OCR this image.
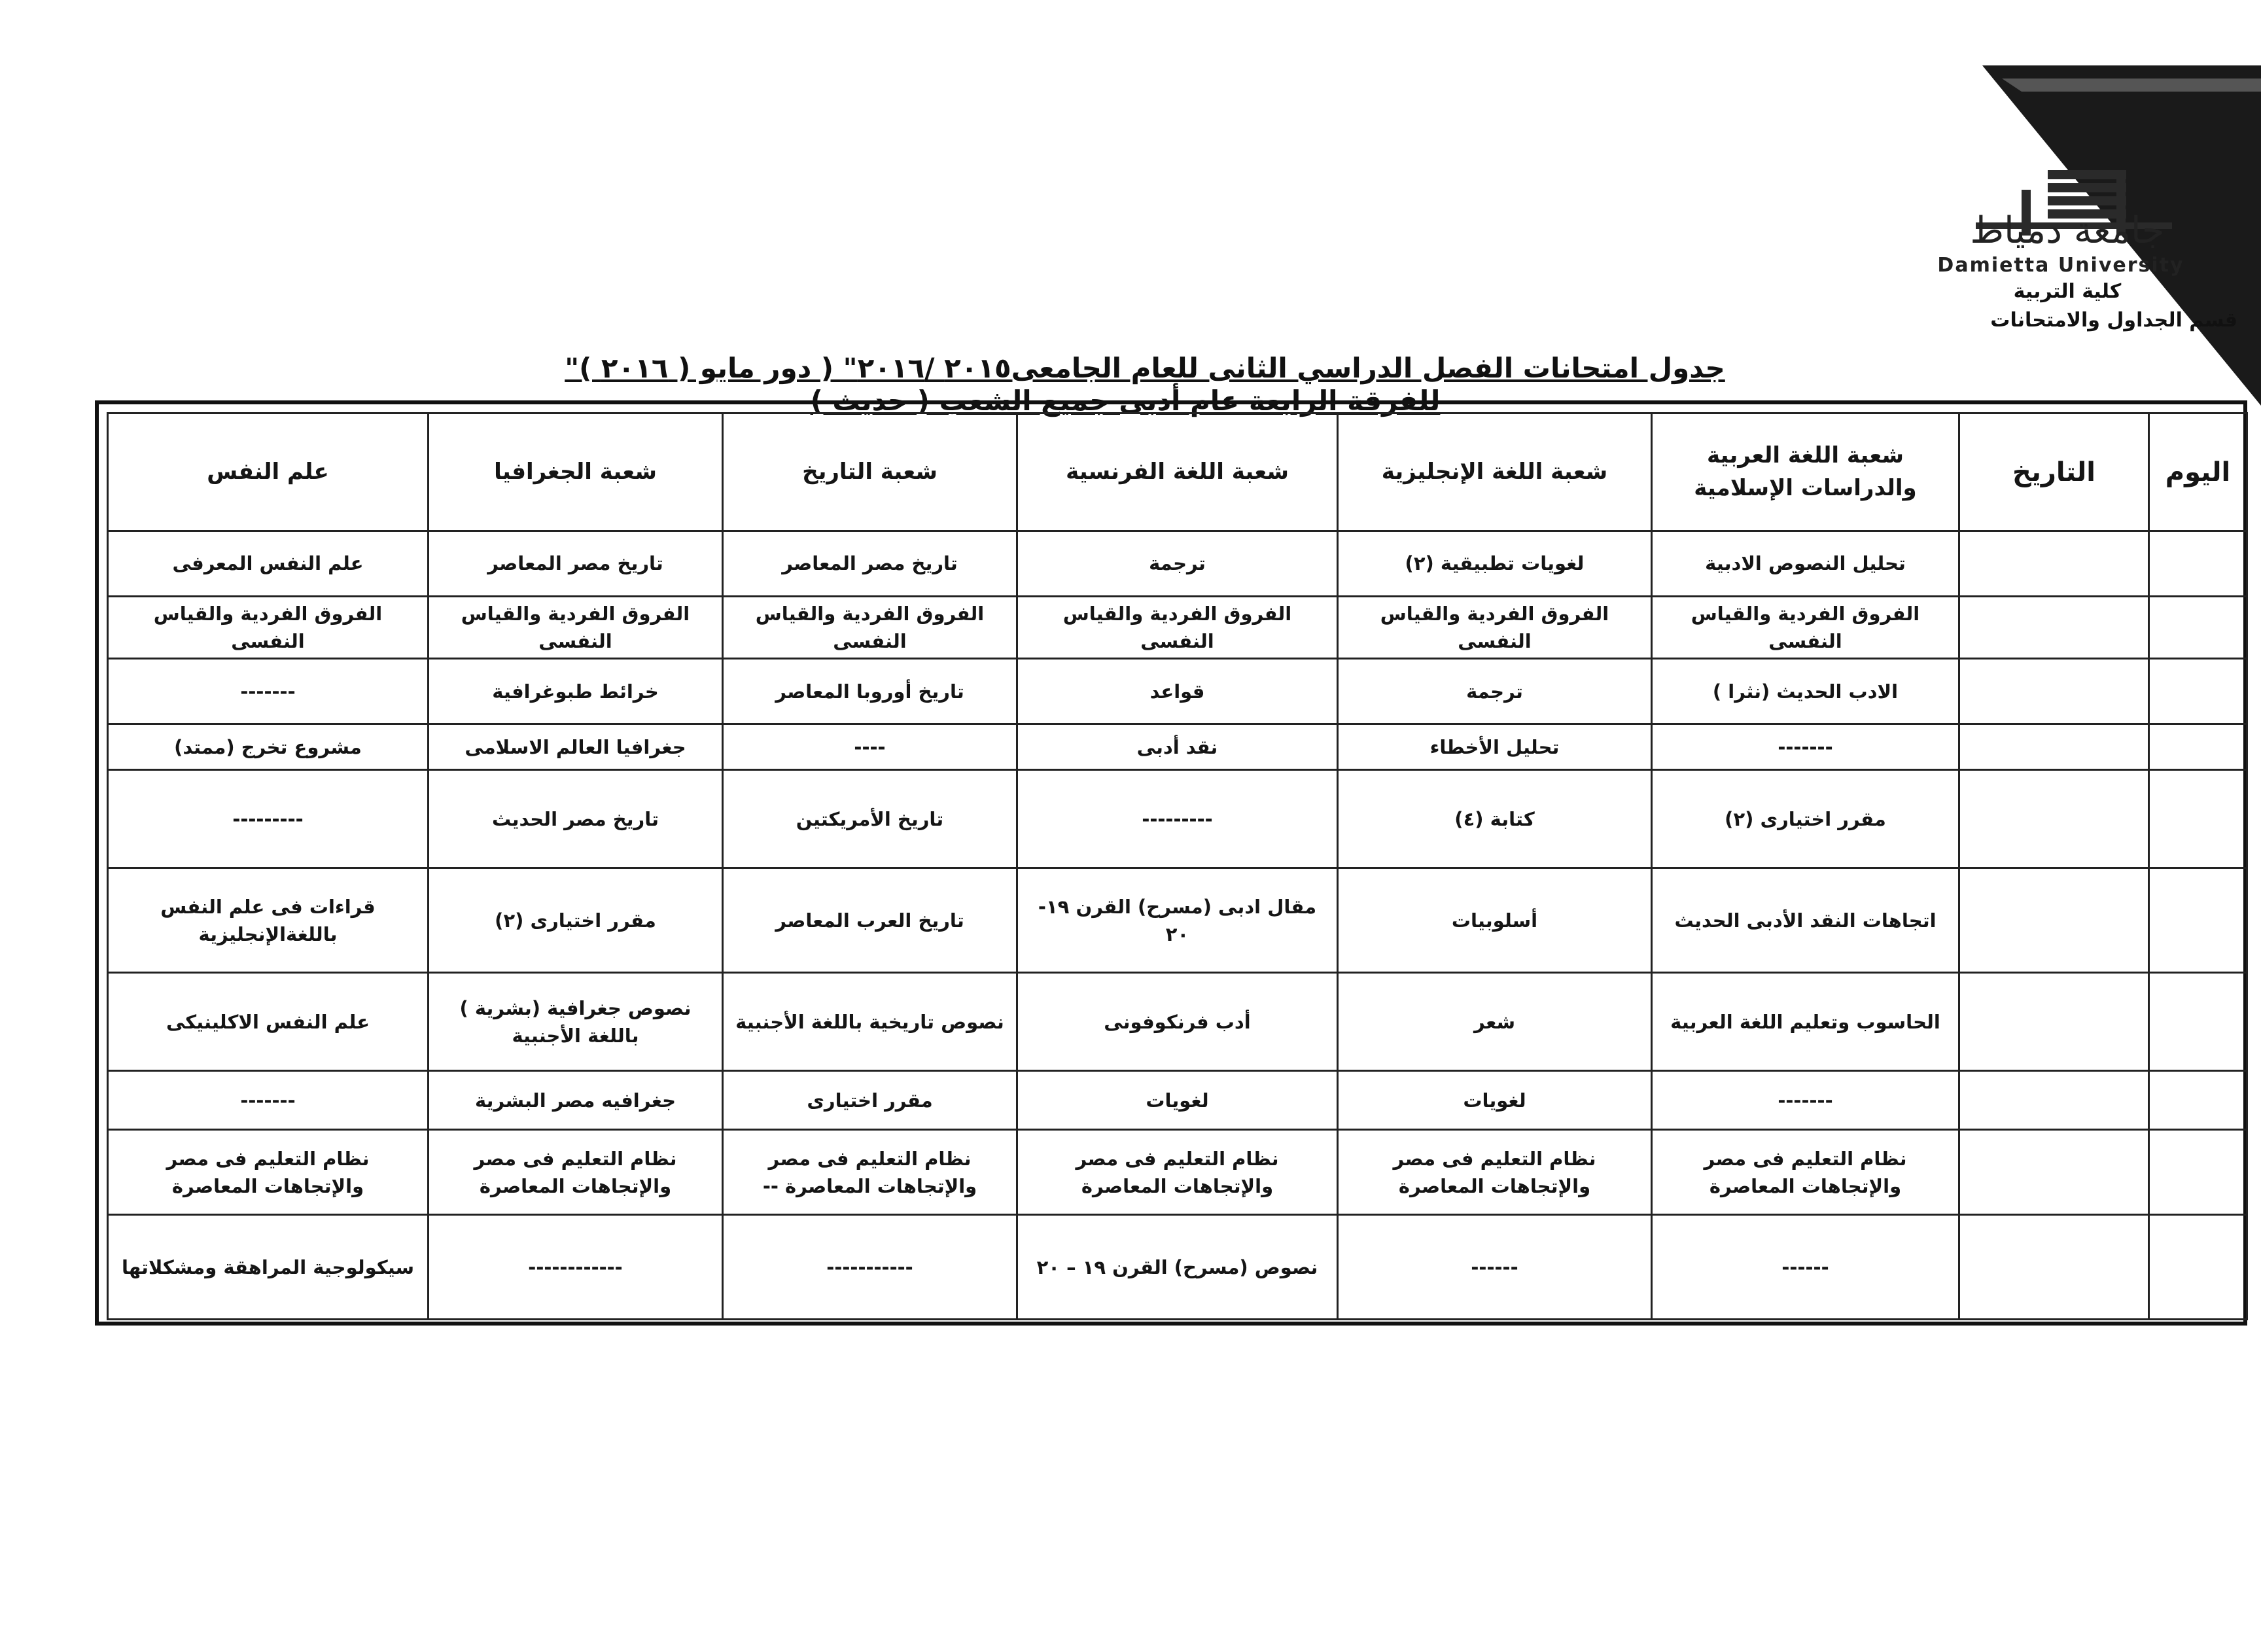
جامعة دمياط
Damietta University
كلية التربية
قسم الجداول والامتحانات
جدول امتحانات الفصل الدراسي الثانى للعام الجامعى٢٠١٥ /٢٠١٦" ( دور مايو ( ٢٠١٦ )"
للفرقة الرابعة عام أدبى جميع الشعب ( حديث )
اليوم	التاريخ	شعبة اللغة العربية والدراسات الإسلامية	شعبة اللغة الإنجليزية	شعبة اللغة الفرنسية	شعبة التاريخ	شعبة الجغرافيا	علم النفس
		تحليل النصوص الادبية	لغويات تطبيقية (٢)	ترجمة	تاريخ مصر المعاصر	تاريخ مصر المعاصر	علم النفس المعرفى
		الفروق الفردية والقياس النفسى	الفروق الفردية والقياس النفسى	الفروق الفردية والقياس النفسى	الفروق الفردية والقياس النفسى	الفروق الفردية والقياس النفسى	الفروق الفردية والقياس النفسى
		الادب الحديث (نثرا )	ترجمة	قواعد	تاريخ أوروبا المعاصر	خرائط طبوغرافية	-------
		-------	تحليل الأخطاء	نقد أدبى	----	جغرافيا العالم الاسلامى	مشروع تخرج (ممتد)
		مقرر اختيارى (٢)	كتابة (٤)	---------	تاريخ الأمريكتين	تاريخ مصر الحديث	---------
		اتجاهات النقد الأدبى الحديث	أسلوبيات	مقال ادبى (مسرح) القرن ١٩- ٢٠	تاريخ العرب المعاصر	مقرر اختيارى (٢)	قراءات فى علم النفس باللغةالإنجليزية
		الحاسوب وتعليم اللغة العربية	شعر	أدب فرنكوفونى	نصوص تاريخية باللغة الأجنبية	نصوص جغرافية (بشرية ) باللغة الأجنبية	علم النفس الاكلينيكى
		-------	لغويات	لغويات	مقرر اختيارى	جغرافيه مصر البشرية	-------
		نظام التعليم فى مصر والإتجاهات المعاصرة	نظام التعليم فى مصر والإتجاهات المعاصرة	نظام التعليم فى مصر والإتجاهات المعاصرة	نظام التعليم فى مصر والإتجاهات المعاصرة --	نظام التعليم فى مصر والإتجاهات المعاصرة	نظام التعليم فى مصر والإتجاهات المعاصرة
		------	------	نصوص (مسرح) القرن ١٩ – ٢٠	-----------	------------	سيكولوجية المراهقة ومشكلاتها
